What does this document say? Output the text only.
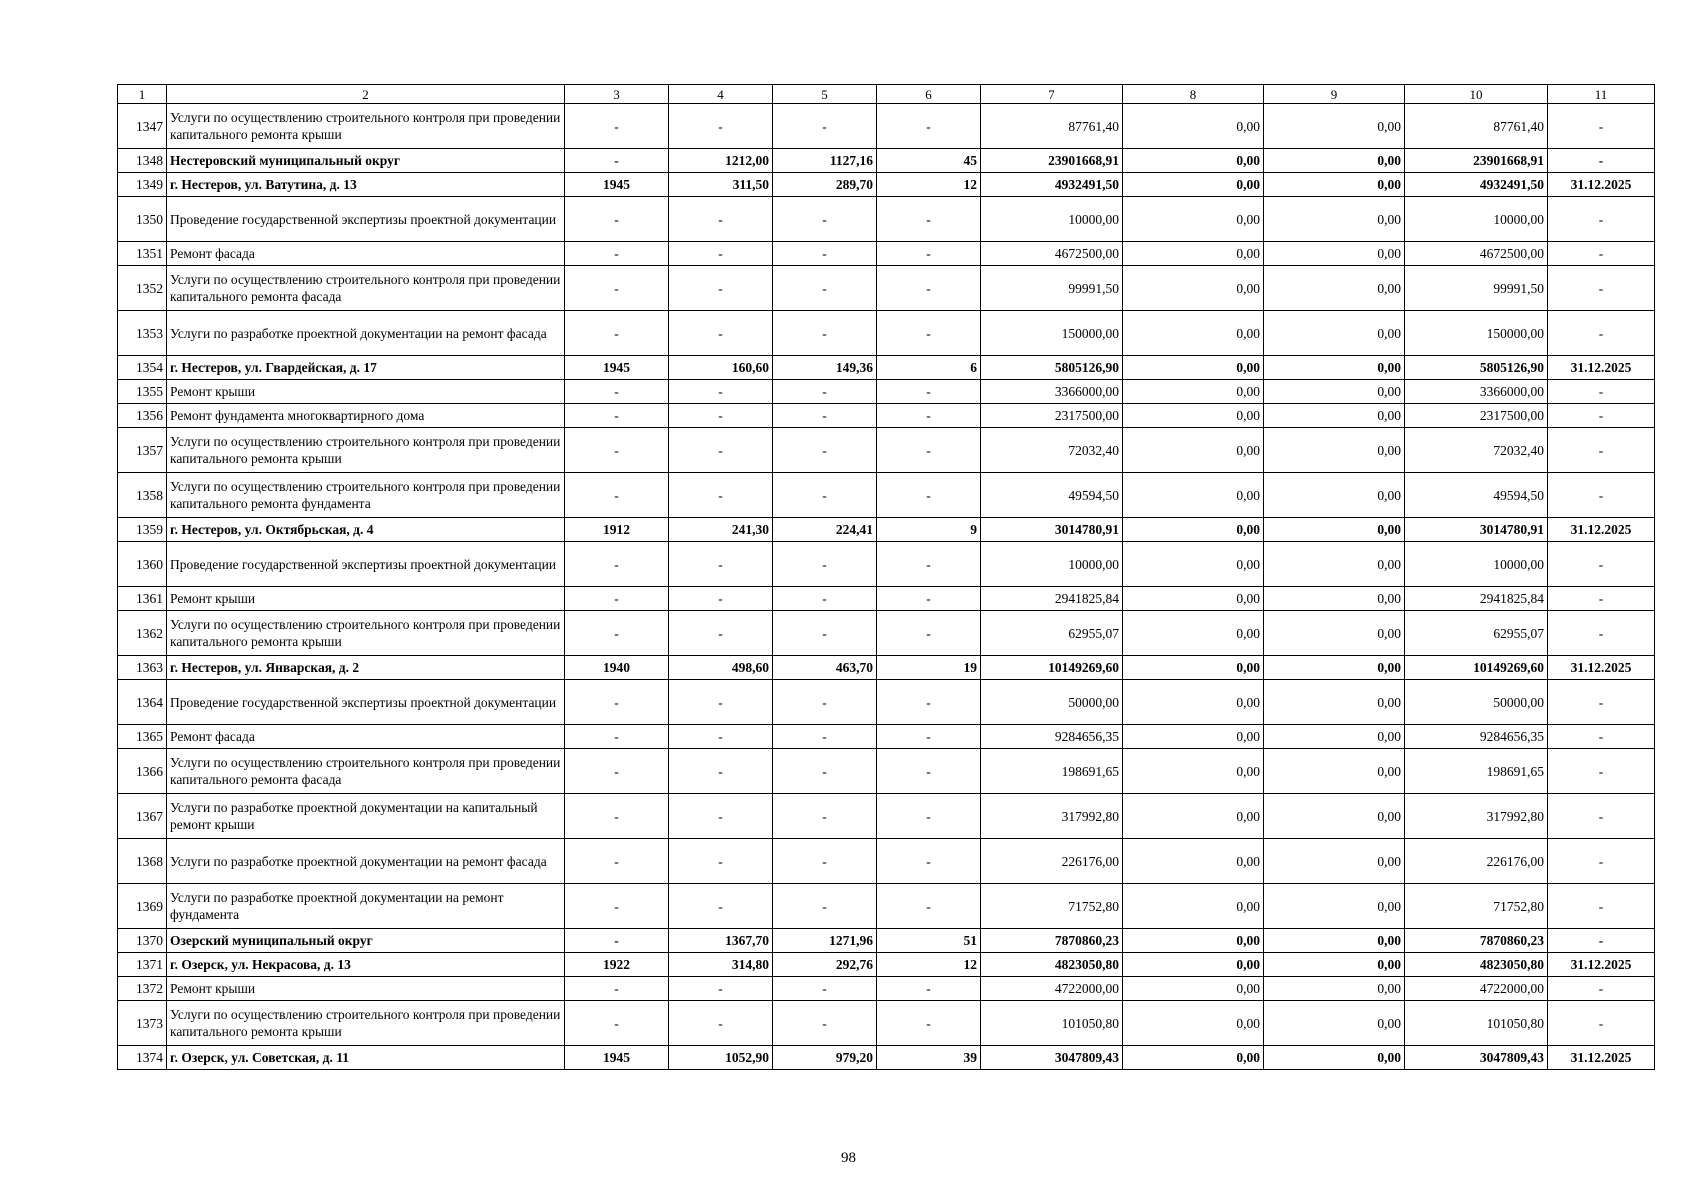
1	2	3	4	5	6	7	8	9	10	11
1347	Услуги по осуществлению строительного контроля при проведении капитального ремонта крыши	-	-	-	-	87761,40	0,00	0,00	87761,40	-
1348	Нестеровский муниципальный округ	-	1212,00	1127,16	45	23901668,91	0,00	0,00	23901668,91	-
1349	г. Нестеров, ул. Ватутина, д. 13	1945	311,50	289,70	12	4932491,50	0,00	0,00	4932491,50	31.12.2025
1350	Проведение государственной экспертизы проектной документации	-	-	-	-	10000,00	0,00	0,00	10000,00	-
1351	Ремонт фасада	-	-	-	-	4672500,00	0,00	0,00	4672500,00	-
1352	Услуги по осуществлению строительного контроля при проведении капитального ремонта фасада	-	-	-	-	99991,50	0,00	0,00	99991,50	-
1353	Услуги по разработке проектной документации на ремонт фасада	-	-	-	-	150000,00	0,00	0,00	150000,00	-
1354	г. Нестеров, ул. Гвардейская, д. 17	1945	160,60	149,36	6	5805126,90	0,00	0,00	5805126,90	31.12.2025
1355	Ремонт крыши	-	-	-	-	3366000,00	0,00	0,00	3366000,00	-
1356	Ремонт фундамента многоквартирного дома	-	-	-	-	2317500,00	0,00	0,00	2317500,00	-
1357	Услуги по осуществлению строительного контроля при проведении капитального ремонта крыши	-	-	-	-	72032,40	0,00	0,00	72032,40	-
1358	Услуги по осуществлению строительного контроля при проведении капитального ремонта фундамента	-	-	-	-	49594,50	0,00	0,00	49594,50	-
1359	г. Нестеров, ул. Октябрьская, д. 4	1912	241,30	224,41	9	3014780,91	0,00	0,00	3014780,91	31.12.2025
1360	Проведение государственной экспертизы проектной документации	-	-	-	-	10000,00	0,00	0,00	10000,00	-
1361	Ремонт крыши	-	-	-	-	2941825,84	0,00	0,00	2941825,84	-
1362	Услуги по осуществлению строительного контроля при проведении капитального ремонта крыши	-	-	-	-	62955,07	0,00	0,00	62955,07	-
1363	г. Нестеров, ул. Январская, д. 2	1940	498,60	463,70	19	10149269,60	0,00	0,00	10149269,60	31.12.2025
1364	Проведение государственной экспертизы проектной документации	-	-	-	-	50000,00	0,00	0,00	50000,00	-
1365	Ремонт фасада	-	-	-	-	9284656,35	0,00	0,00	9284656,35	-
1366	Услуги по осуществлению строительного контроля при проведении капитального ремонта фасада	-	-	-	-	198691,65	0,00	0,00	198691,65	-
1367	Услуги по разработке проектной документации на капитальный ремонт крыши	-	-	-	-	317992,80	0,00	0,00	317992,80	-
1368	Услуги по разработке проектной документации на ремонт фасада	-	-	-	-	226176,00	0,00	0,00	226176,00	-
1369	Услуги по разработке проектной документации на ремонт фундамента	-	-	-	-	71752,80	0,00	0,00	71752,80	-
1370	Озерский муниципальный округ	-	1367,70	1271,96	51	7870860,23	0,00	0,00	7870860,23	-
1371	г. Озерск, ул. Некрасова, д. 13	1922	314,80	292,76	12	4823050,80	0,00	0,00	4823050,80	31.12.2025
1372	Ремонт крыши	-	-	-	-	4722000,00	0,00	0,00	4722000,00	-
1373	Услуги по осуществлению строительного контроля при проведении капитального ремонта крыши	-	-	-	-	101050,80	0,00	0,00	101050,80	-
1374	г. Озерск, ул. Советская, д. 11	1945	1052,90	979,20	39	3047809,43	0,00	0,00	3047809,43	31.12.2025
98
